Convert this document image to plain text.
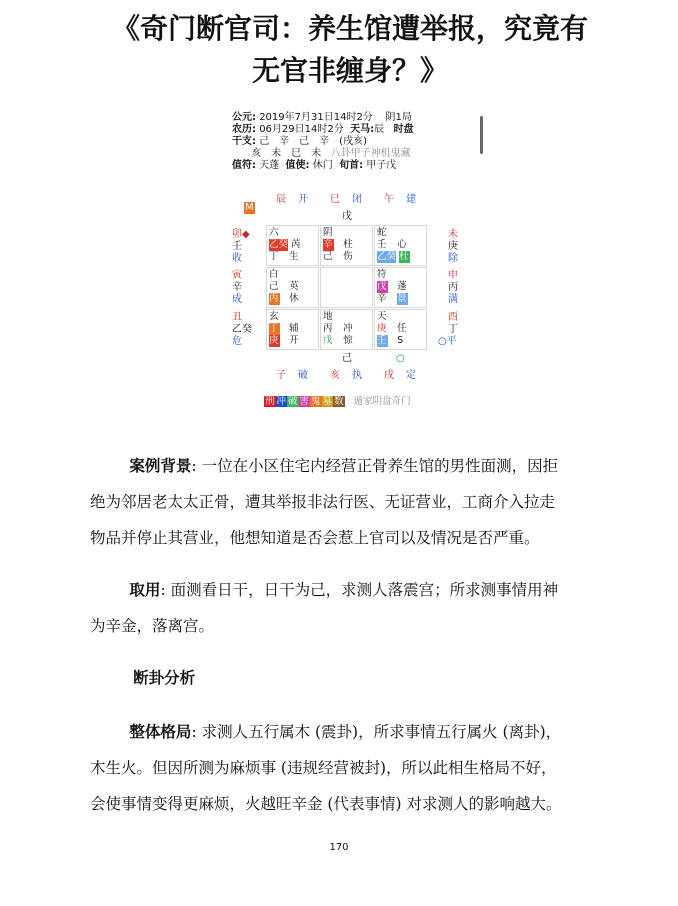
《奇门断官司：养生馆遭举报，究竟有
无官非缠身？》
公元: 2019年7月31日14时2分 阴1局
农历: 06月29日14时2分 天马:辰 时盘
干支: 己　辛　己　辛　(戌亥)
亥　未　巳　未 八卦甲子神机鬼藏
值符: 天蓬 值使: 休门 旬首: 甲子戊
M
辰 开 巳 闭 午 建
戊
卯◆
壬
收
寅
辛
成
丑
乙癸
危
未
庚
除
申
丙
满
酉
丁
○平
六
乙癸 芮
丁 生
阴
辛 柱
己 伤
蛇
壬 心
乙癸 杜
白
己 英
丙 休
符
戊 蓬
辛 景
玄
丁 辅
庚 开
地
丙 冲
戊 惊
天
庚 任
壬 S
己	○
子 破 亥 执 戌 定
刑 冲 破 害 鬼 墓 数 遁家阴盘奇门

案例背景: 一位在小区住宅内经营正骨养生馆的男性面测，因拒

绝为邻居老太太正骨，遭其举报非法行医、无证营业，工商介入拉走

物品并停止其营业，他想知道是否会惹上官司以及情况是否严重。

取用: 面测看日干，日干为己，求测人落震宫；所求测事情用神

为辛金，落离宫。

断卦分析

整体格局: 求测人五行属木 (震卦)，所求事情五行属火 (离卦)，

木生火。但因所测为麻烦事 (违规经营被封)，所以此相生格局不好，

会使事情变得更麻烦，火越旺辛金 (代表事情) 对求测人的影响越大。

170
